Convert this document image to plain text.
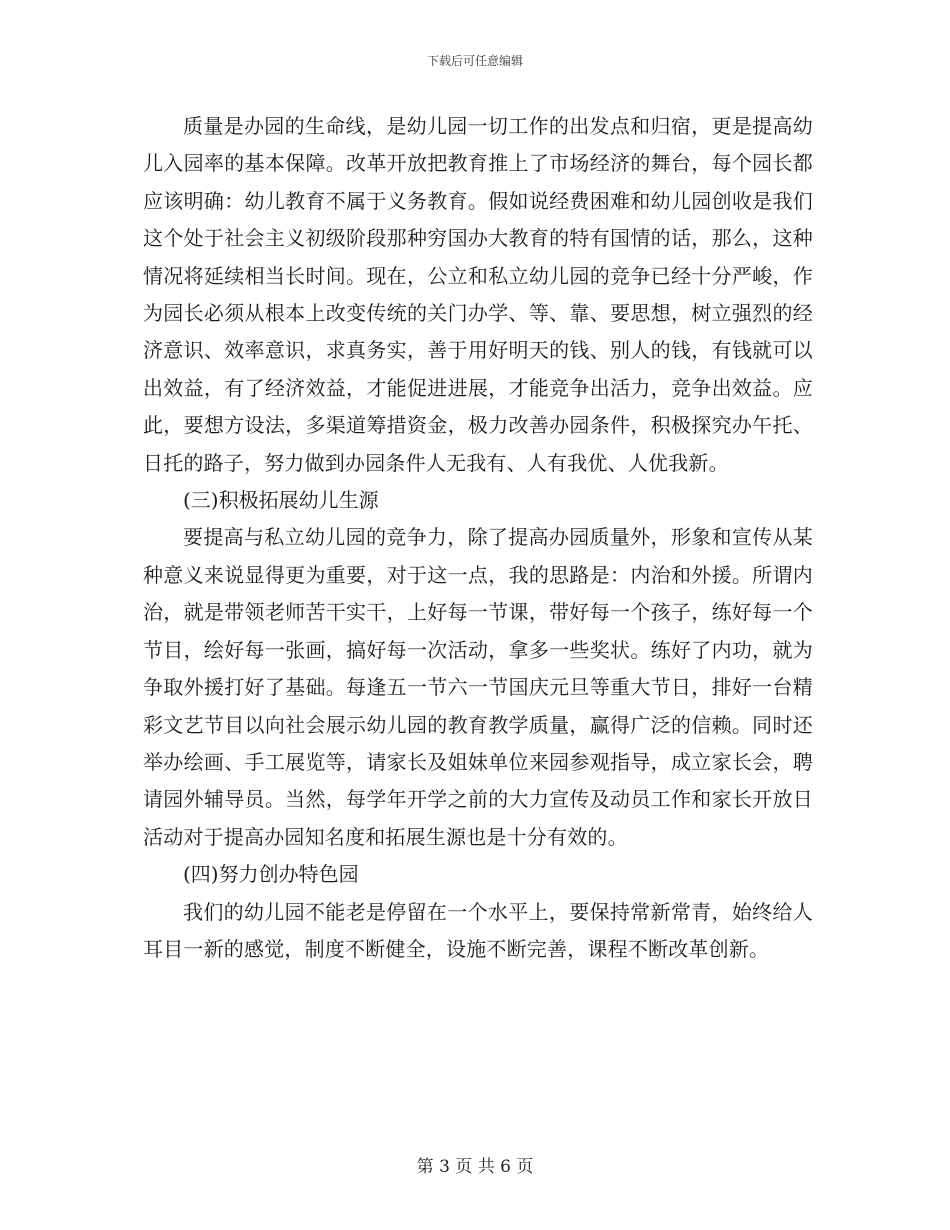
下载后可任意编辑

质量是办园的生命线，是幼儿园一切工作的出发点和归宿，更是提高幼儿入园率的基本保障。改革开放把教育推上了市场经济的舞台，每个园长都应该明确：幼儿教育不属于义务教育。假如说经费困难和幼儿园创收是我们这个处于社会主义初级阶段那种穷国办大教育的特有国情的话，那么，这种情况将延续相当长时间。现在，公立和私立幼儿园的竞争已经十分严峻，作为园长必须从根本上改变传统的关门办学、等、靠、要思想，树立强烈的经济意识、效率意识，求真务实，善于用好明天的钱、别人的钱，有钱就可以出效益，有了经济效益，才能促进进展，才能竞争出活力，竞争出效益。应此，要想方设法，多渠道筹措资金，极力改善办园条件，积极探究办午托、日托的路子，努力做到办园条件人无我有、人有我优、人优我新。

(三)积极拓展幼儿生源

要提高与私立幼儿园的竞争力，除了提高办园质量外，形象和宣传从某种意义来说显得更为重要，对于这一点，我的思路是：内治和外援。所谓内治，就是带领老师苦干实干，上好每一节课，带好每一个孩子，练好每一个节目，绘好每一张画，搞好每一次活动，拿多一些奖状。练好了内功，就为争取外援打好了基础。每逢五一节六一节国庆元旦等重大节日，排好一台精彩文艺节目以向社会展示幼儿园的教育教学质量，赢得广泛的信赖。同时还举办绘画、手工展览等，请家长及姐妹单位来园参观指导，成立家长会，聘请园外辅导员。当然，每学年开学之前的大力宣传及动员工作和家长开放日活动对于提高办园知名度和拓展生源也是十分有效的。

(四)努力创办特色园

我们的幼儿园不能老是停留在一个水平上，要保持常新常青，始终给人耳目一新的感觉，制度不断健全，设施不断完善，课程不断改革创新。

第 3 页 共 6 页
